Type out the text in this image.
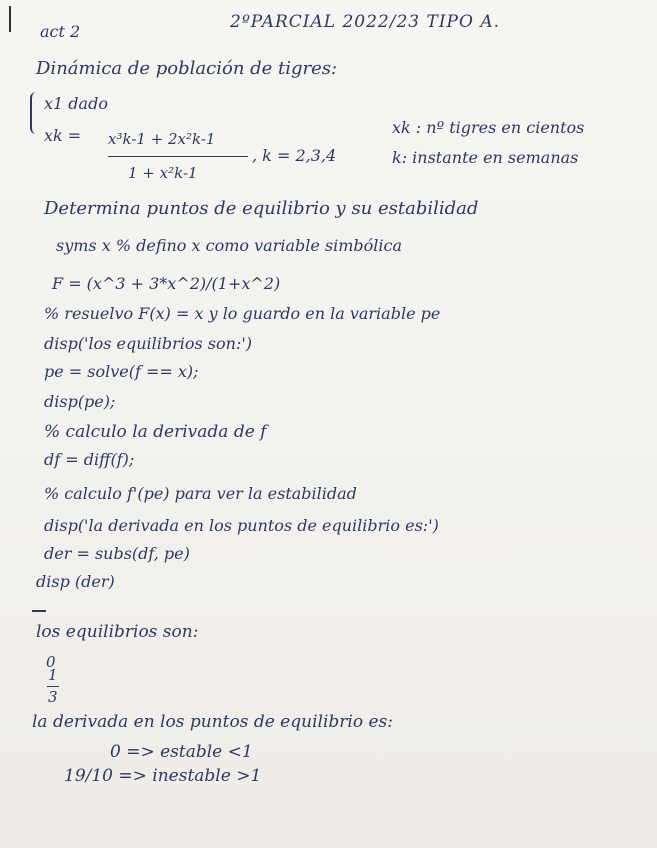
act 2	2ºPARCIAL 2022/23 TIPO A.
Dinámica de población de tigres:
x1 dado
xk = x³k-1 + 2x²k-1
1 + x²k-1
, k = 2,3,4
xk : nº tigres en cientos
k: instante en semanas
Determina puntos de equilibrio y su estabilidad
syms x % defino x como variable simbólica
F = (x^3 + 3*x^2)/(1+x^2)
% resuelvo F(x) = x y lo guardo en la variable pe
disp('los equilibrios son:')
pe = solve(f == x);
disp(pe);
% calculo la derivada de f
df = diff(f);
% calculo f'(pe) para ver la estabilidad
disp('la derivada en los puntos de equilibrio es:')
der = subs(df, pe)
disp (der)
los equilibrios son:
0
1
3
la derivada en los puntos de equilibrio es:
0 => estable <1
19/10 => inestable >1
